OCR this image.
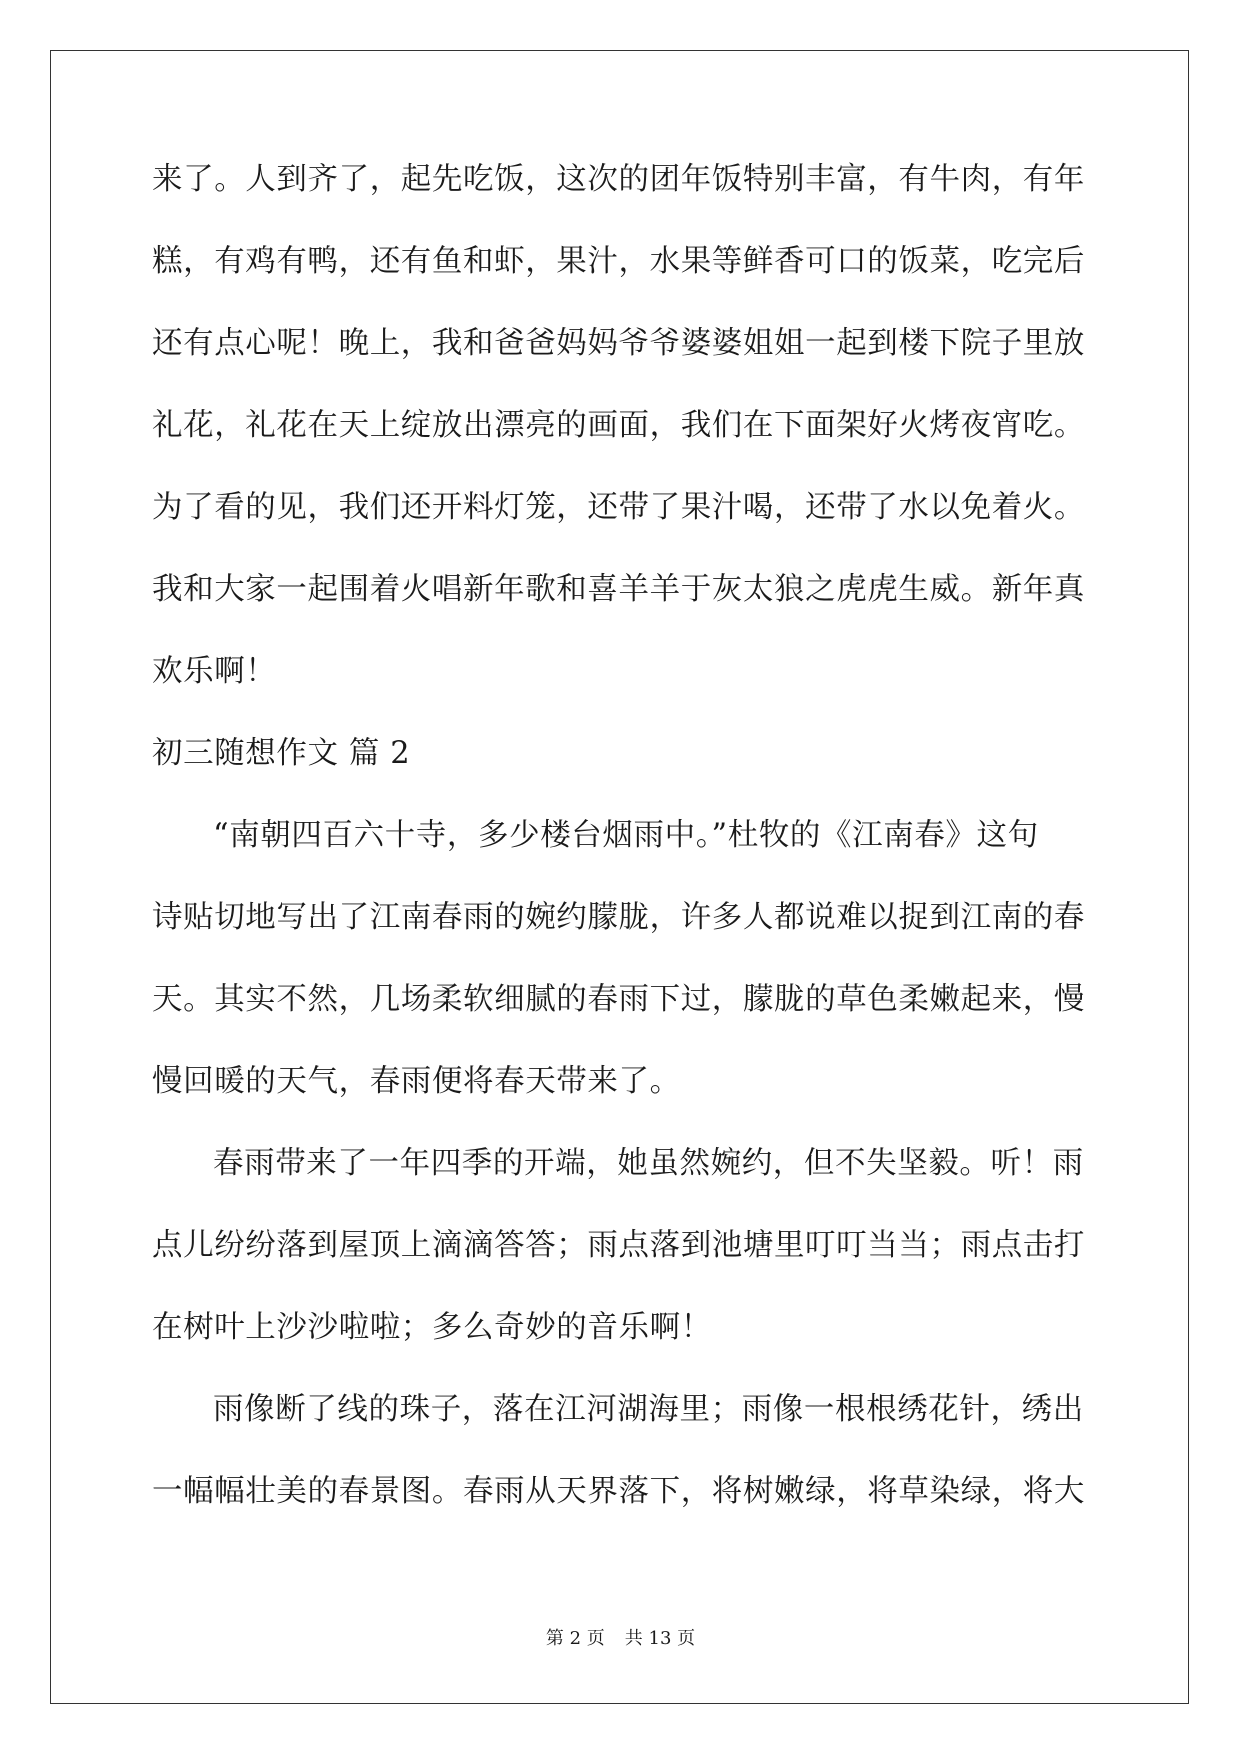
来了。人到齐了，起先吃饭，这次的团年饭特别丰富，有牛肉，有年
糕，有鸡有鸭，还有鱼和虾，果汁，水果等鲜香可口的饭菜，吃完后
还有点心呢！晚上，我和爸爸妈妈爷爷婆婆姐姐一起到楼下院子里放
礼花，礼花在天上绽放出漂亮的画面，我们在下面架好火烤夜宵吃。
为了看的见，我们还开料灯笼，还带了果汁喝，还带了水以免着火。
我和大家一起围着火唱新年歌和喜羊羊于灰太狼之虎虎生威。新年真
欢乐啊！
初三随想作文 篇 2
“南朝四百六十寺，多少楼台烟雨中。”杜牧的《江南春》这句
诗贴切地写出了江南春雨的婉约朦胧，许多人都说难以捉到江南的春
天。其实不然，几场柔软细腻的春雨下过，朦胧的草色柔嫩起来，慢
慢回暖的天气，春雨便将春天带来了。
春雨带来了一年四季的开端，她虽然婉约，但不失坚毅。听！雨
点儿纷纷落到屋顶上滴滴答答；雨点落到池塘里叮叮当当；雨点击打
在树叶上沙沙啦啦；多么奇妙的音乐啊！
雨像断了线的珠子，落在江河湖海里；雨像一根根绣花针，绣出
一幅幅壮美的春景图。春雨从天界落下，将树嫩绿，将草染绿，将大
第 2 页 共 13 页
